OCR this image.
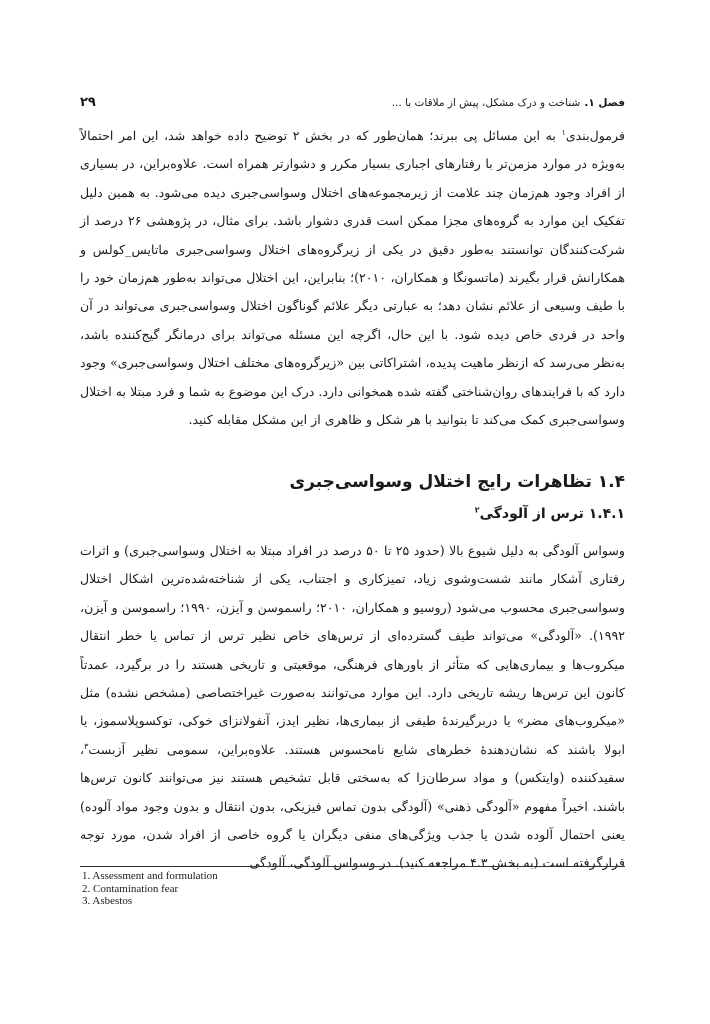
فصل ۱.
شناخت و درک مشکل، پیش از ملاقات با ...
۲۹

فرمول‌بندی$^۱$ به این مسائل پی ببرند؛ همان‌طور که در بخش ۲ توضیح داده خواهد شد، این امر احتمالاً به‌ویژه در موارد مزمن‌تر با رفتارهای اجباری بسیار مکرر و دشوارتر همراه است. علاوه‌براین، در بسیاری از افراد وجود هم‌زمان چند علامت از زیرمجموعه‌های اختلال وسواسی‌جبری دیده می‌شود. به همین دلیل تفکیک این موارد به گروه‌های مجزا ممکن است قدری دشوار باشد. برای مثال، در پژوهشی ۲۶ درصد از شرکت‌کنندگان توانستند به‌طور دقیق در یکی از زیرگروه‌های اختلال وسواسی‌جبری ماتایس_کولس و همکارانش قرار بگیرند (ماتسونگا و همکاران، ۲۰۱۰)؛ بنابراین، این اختلال می‌تواند به‌طور هم‌زمان خود را با طیف وسیعی از علائم نشان دهد؛ به عبارتی دیگر علائم گوناگون اختلال وسواسی‌جبری می‌تواند در آن واحد در فردی خاص دیده شود. با این حال، اگرچه این مسئله می‌تواند برای درمانگر گیج‌کننده باشد، به‌نظر می‌رسد که ازنظر ماهیت پدیده، اشتراکاتی بین «زیرگروه‌های مختلف اختلال وسواسی‌جبری» وجود دارد که با فرایندهای روان‌شناختی گفته شده همخوانی دارد. درک این موضوع به شما و فرد مبتلا به اختلال وسواسی‌جبری کمک می‌کند تا بتوانید با هر شکل و ظاهری از این مشکل مقابله کنید.

۱.۴ تظاهرات رایج اختلال وسواسی‌جبری
۱.۴.۱ ترس از آلودگی$^۲$

وسواس آلودگی به دلیل شیوع بالا (حدود ۲۵ تا ۵۰ درصد در افراد مبتلا به اختلال وسواسی‌جبری) و اثرات رفتاری آشکار مانند شست‌وشوی زیاد، تمیزکاری و اجتناب، یکی از شناخته‌شده‌ترین اشکال اختلال وسواسی‌جبری محسوب می‌شود (روسیو و همکاران، ۲۰۱۰؛ راسموسن و آیزن، ۱۹۹۰؛ راسموسن و آیزن، ۱۹۹۲). «آلودگی» می‌تواند طیف گسترده‌ای از ترس‌های خاص نظیر ترس از تماس یا خطر انتقال میکروب‌ها و بیماری‌هایی که متأثر از باورهای فرهنگی، موقعیتی و تاریخی هستند را در برگیرد، عمدتاً کانون این ترس‌ها ریشه تاریخی دارد. این موارد می‌توانند به‌صورت غیراختصاصی (مشخص نشده) مثل «میکروب‌های مضر» یا دربرگیرندهٔ طیفی از بیماری‌ها، نظیر ایدز، آنفولانزای خوکی، توکسوپلاسموز، یا ابولا باشند که نشان‌دهندهٔ خطرهای شایع نامحسوس هستند. علاوه‌براین، سمومی نظیر آزبست$^۳$، سفیدکننده (وایتکس) و مواد سرطان‌زا که به‌سختی قابل تشخیص هستند نیز می‌توانند کانون ترس‌ها باشند. اخیراً مفهوم «آلودگی ذهنی» (آلودگی بدون تماس فیزیکی، بدون انتقال و بدون وجود مواد آلوده) یعنی احتمال آلوده شدن یا جذب ویژگی‌های منفی دیگران یا گروه خاصی از افراد شدن، مورد توجه قرارگرفته است (به بخش ۴.۳ مراجعه کنید). در وسواس آلودگی، آلودگی

1. Assessment and formulation
2. Contamination fear
3. Asbestos
